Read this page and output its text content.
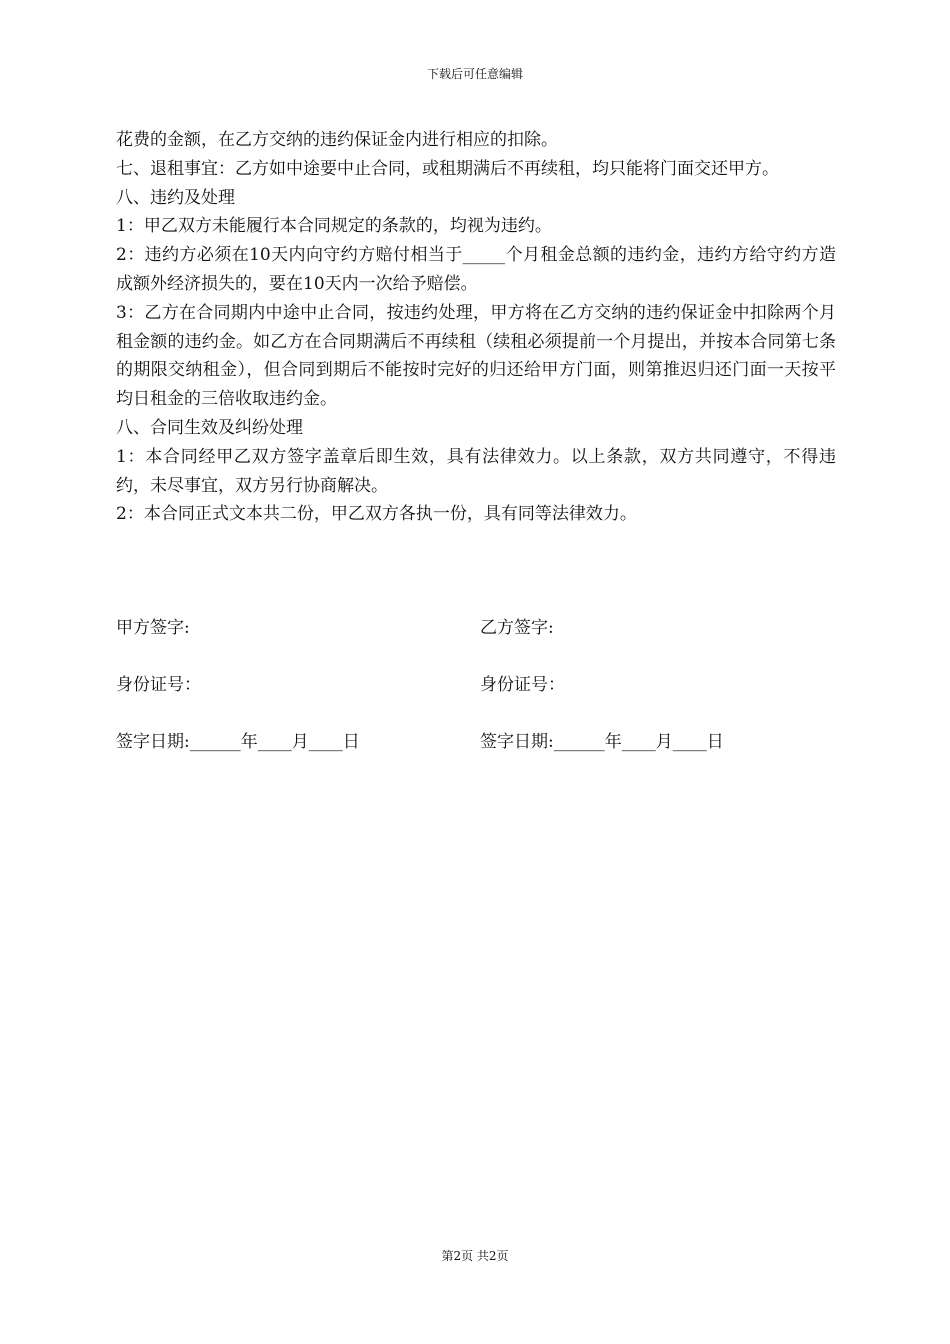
下载后可任意编辑

花费的金额，在乙方交纳的违约保证金内进行相应的扣除。

七、退租事宜：乙方如中途要中止合同，或租期满后不再续租，均只能将门面交还甲方。

八、违约及处理

1：甲乙双方未能履行本合同规定的条款的，均视为违约。

2：违约方必须在10天内向守约方赔付相当于_____个月租金总额的违约金，违约方给守约方造成额外经济损失的，要在10天内一次给予赔偿。

3：乙方在合同期内中途中止合同，按违约处理，甲方将在乙方交纳的违约保证金中扣除两个月租金额的违约金。如乙方在合同期满后不再续租（续租必须提前一个月提出，并按本合同第七条的期限交纳租金），但合同到期后不能按时完好的归还给甲方门面，则第推迟归还门面一天按平均日租金的三倍收取违约金。

八、合同生效及纠纷处理

1：本合同经甲乙双方签字盖章后即生效，具有法律效力。以上条款，双方共同遵守，不得违约，未尽事宜，双方另行协商解决。

2：本合同正式文本共二份，甲乙双方各执一份，具有同等法律效力。

甲方签字:	乙方签字:
身份证号：	身份证号：
签字日期:______年____月____日	签字日期:______年____月____日
第2页 共2页
